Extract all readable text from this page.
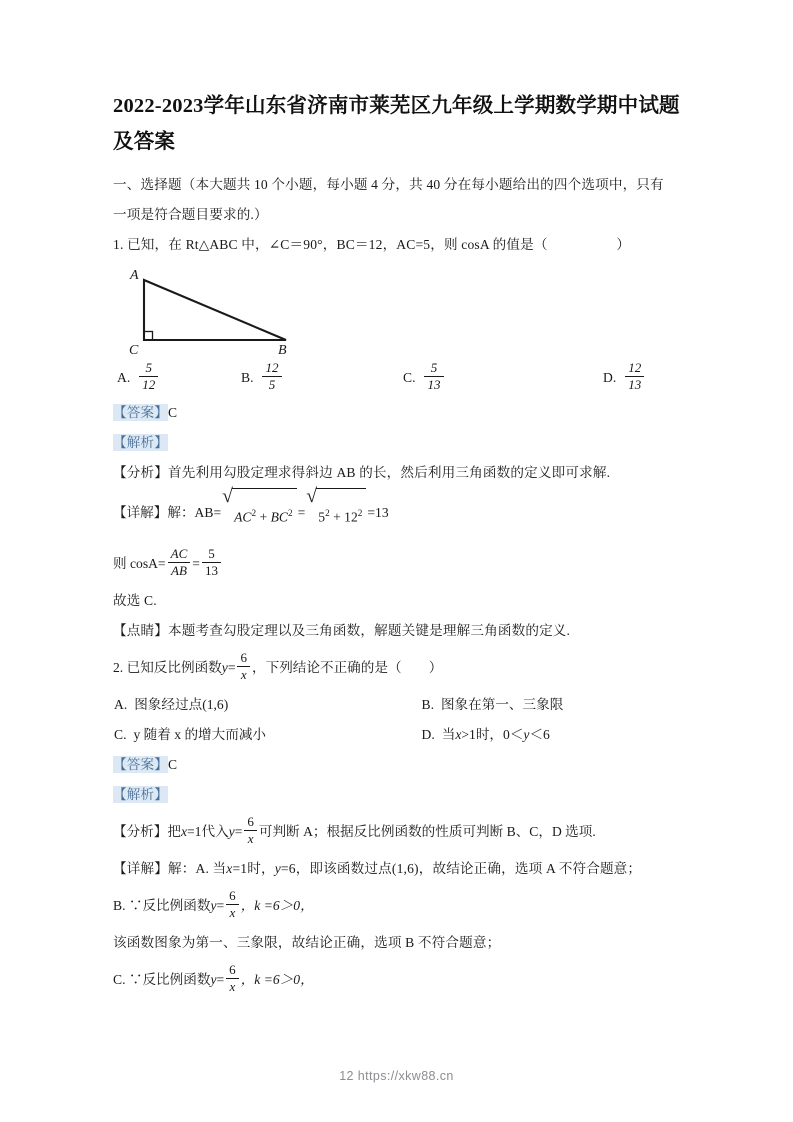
2022-2023学年山东省济南市莱芜区九年级上学期数学期中试题及答案

一、选择题（本大题共 10 个小题，每小题 4 分，共 40 分在每小题给出的四个选项中，只有

一项是符合题目要求的.）

1. 已知，在 Rt△ABC 中，∠C＝90°，BC＝12，AC=5，则 cosA 的值是（　　　　　）

A
C	B
A. $\frac{5}{12}$	B. $\frac{12}{5}$	C. $\frac{5}{13}$	D. $\frac{12}{13}$

【答案】C

【解析】

【分析】首先利用勾股定理求得斜边 AB 的长，然后利用三角函数的定义即可求解.

【详解】解：AB=
√
$AC^2 + BC^2$ =
√
$5^2 + 12^2 =13$

则 $\cos A= \frac{AC}{AB} = \frac{5}{13}$

故选 C.

【点睛】本题考查勾股定理以及三角函数，解题关键是理解三角函数的定义.

2. 已知反比例函数$y= \frac{6}{x}$ ，下列结论不正确的是（　　）

A. 图象经过点(1,6)	B. 图象在第一、三象限
C. y 随着 x 的增大而减小	D. 当x>1时，0＜y＜6

【答案】C

【解析】

【分析】把x=1代入$y= \frac{6}{x}$ 可判断 A；根据反比例函数的性质可判断 B、C，D 选项.

【详解】解：A. 当x=1时，y=6，即该函数过点(1,6)，故结论正确，选项 A 不符合题意；

B. ∵反比例函数$y= \frac{6}{x}$ ，k =6＞0，

该函数图象为第一、三象限，故结论正确，选项 B 不符合题意；

C. ∵反比例函数$y= \frac{6}{x}$ ，k =6＞0，

12 https://xkw88.cn
